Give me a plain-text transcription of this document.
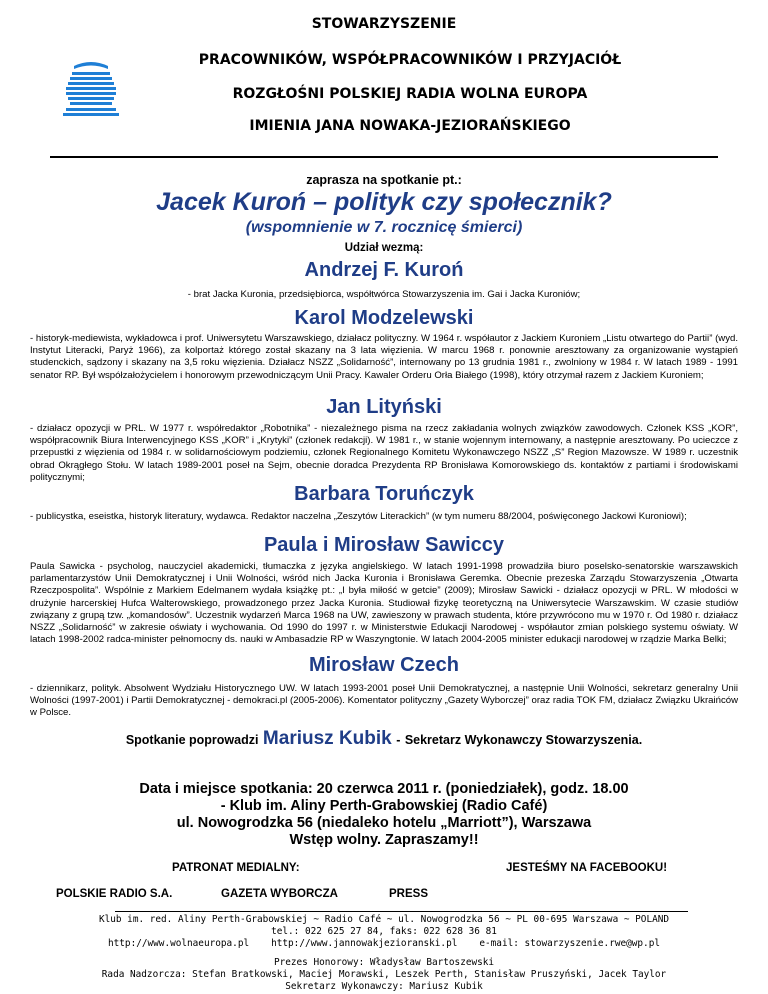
STOWARZYSZENIE
PRACOWNIKÓW, WSPÓŁPRACOWNIKÓW I PRZYJACIÓŁ
ROZGŁOŚNI POLSKIEJ RADIA WOLNA EUROPA
IMIENIA JANA NOWAKA-JEZIORAŃSKIEGO
zaprasza na spotkanie pt.:
Jacek Kuroń – polityk czy społecznik?
(wspomnienie w 7. rocznicę śmierci)
Udział wezmą:
Andrzej F. Kuroń
- brat Jacka Kuronia, przedsiębiorca, współtwórca Stowarzyszenia im. Gai i Jacka Kuroniów;
Karol Modzelewski
- historyk-mediewista, wykładowca i prof. Uniwersytetu Warszawskiego, działacz polityczny. W 1964 r. współautor z Jackiem Kuroniem „Listu otwartego do Partii” (wyd. Instytut Literacki, Paryż 1966), za kolportaż którego został skazany na 3 lata więzienia. W marcu 1968 r. ponownie aresztowany za organizowanie wystąpień studenckich, sądzony i skazany na 3,5 roku więzienia. Działacz NSZZ „Solidarność”, internowany po 13 grudnia 1981 r., zwolniony w 1984 r. W latach 1989 - 1991 senator RP. Był współzałożycielem i honorowym przewodniczącym Unii Pracy. Kawaler Orderu Orła Białego (1998), który otrzymał razem z Jackiem Kuroniem;
Jan Lityński
- działacz opozycji w PRL. W 1977 r. współredaktor „Robotnika” - niezależnego pisma na rzecz zakładania wolnych związków zawodowych. Członek KSS „KOR”, współpracownik Biura Interwencyjnego KSS „KOR” i „Krytyki” (członek redakcji). W 1981 r., w stanie wojennym internowany, a następnie aresztowany. Po ucieczce z przepustki z więzienia od 1984 r. w solidarnościowym podziemiu, członek Regionalnego Komitetu Wykonawczego NSZZ „S” Region Mazowsze. W 1989 r. uczestnik obrad Okrągłego Stołu. W latach 1989-2001 poseł na Sejm, obecnie doradca Prezydenta RP Bronisława Komorowskiego ds. kontaktów z partiami i środowiskami politycznymi;
Barbara Toruńczyk
- publicystka, eseistka, historyk literatury, wydawca. Redaktor naczelna „Zeszytów Literackich” (w tym numeru 88/2004, poświęconego Jackowi Kuroniowi);
Paula i Mirosław Sawiccy
Paula Sawicka - psycholog, nauczyciel akademicki, tłumaczka z języka angielskiego. W latach 1991-1998 prowadziła biuro poselsko-senatorskie warszawskich parlamentarzystów Unii Demokratycznej i Unii Wolności, wśród nich Jacka Kuronia i Bronisława Geremka. Obecnie prezeska Zarządu Stowarzyszenia „Otwarta Rzeczpospolita”. Wspólnie z Markiem Edelmanem wydała książkę pt.: „I była miłość w getcie” (2009); Mirosław Sawicki - działacz opozycji w PRL. W młodości w drużynie harcerskiej Hufca Walterowskiego, prowadzonego przez Jacka Kuronia. Studiował fizykę teoretyczną na Uniwersytecie Warszawskim. W czasie studiów związany z grupą tzw. „komandosów”. Uczestnik wydarzeń Marca 1968 na UW, zawieszony w prawach studenta, które przywrócono mu w 1970 r. Od 1980 r. działacz NSZZ „Solidarność” w zakresie oświaty i wychowania. Od 1990 do 1997 r. w Ministerstwie Edukacji Narodowej - współautor zmian polskiego systemu oświaty. W latach 1998-2002 radca-minister pełnomocny ds. nauki w Ambasadzie RP w Waszyngtonie. W latach 2004-2005 minister edukacji narodowej w rządzie Marka Belki;
Mirosław Czech
- dziennikarz, polityk. Absolwent Wydziału Historycznego UW. W latach 1993-2001 poseł Unii Demokratycznej, a następnie Unii Wolności, sekretarz generalny Unii Wolności (1997-2001) i Partii Demokratycznej - demokraci.pl (2005-2006). Komentator polityczny „Gazety Wyborczej” oraz radia TOK FM, działacz Związku Ukraińców w Polsce.
Spotkanie poprowadzi Mariusz Kubik - Sekretarz Wykonawczy Stowarzyszenia.
Data i miejsce spotkania: 20 czerwca 2011 r. (poniedziałek), godz. 18.00
- Klub im. Aliny Perth-Grabowskiej (Radio Café)
ul. Nowogrodzka 56 (niedaleko hotelu „Marriott”), Warszawa
Wstęp wolny. Zapraszamy!!
PATRONAT MEDIALNY:	JESTEŚMY NA FACEBOOKU!
POLSKIE RADIO S.A.	GAZETA WYBORCZA	PRESS
Klub im. red. Aliny Perth-Grabowskiej ~ Radio Café ~ ul. Nowogrodzka 56 ~ PL 00-695 Warszawa ~ POLAND
tel.: 022 625 27 84, faks: 022 628 36 81
http://www.wolnaeuropa.pl http://www.jannowakjezioranski.pl e-mail: stowarzyszenie.rwe@wp.pl
Prezes Honorowy: Władysław Bartoszewski
Rada Nadzorcza: Stefan Bratkowski, Maciej Morawski, Leszek Perth, Stanisław Pruszyński, Jacek Taylor
Sekretarz Wykonawczy: Mariusz Kubik
